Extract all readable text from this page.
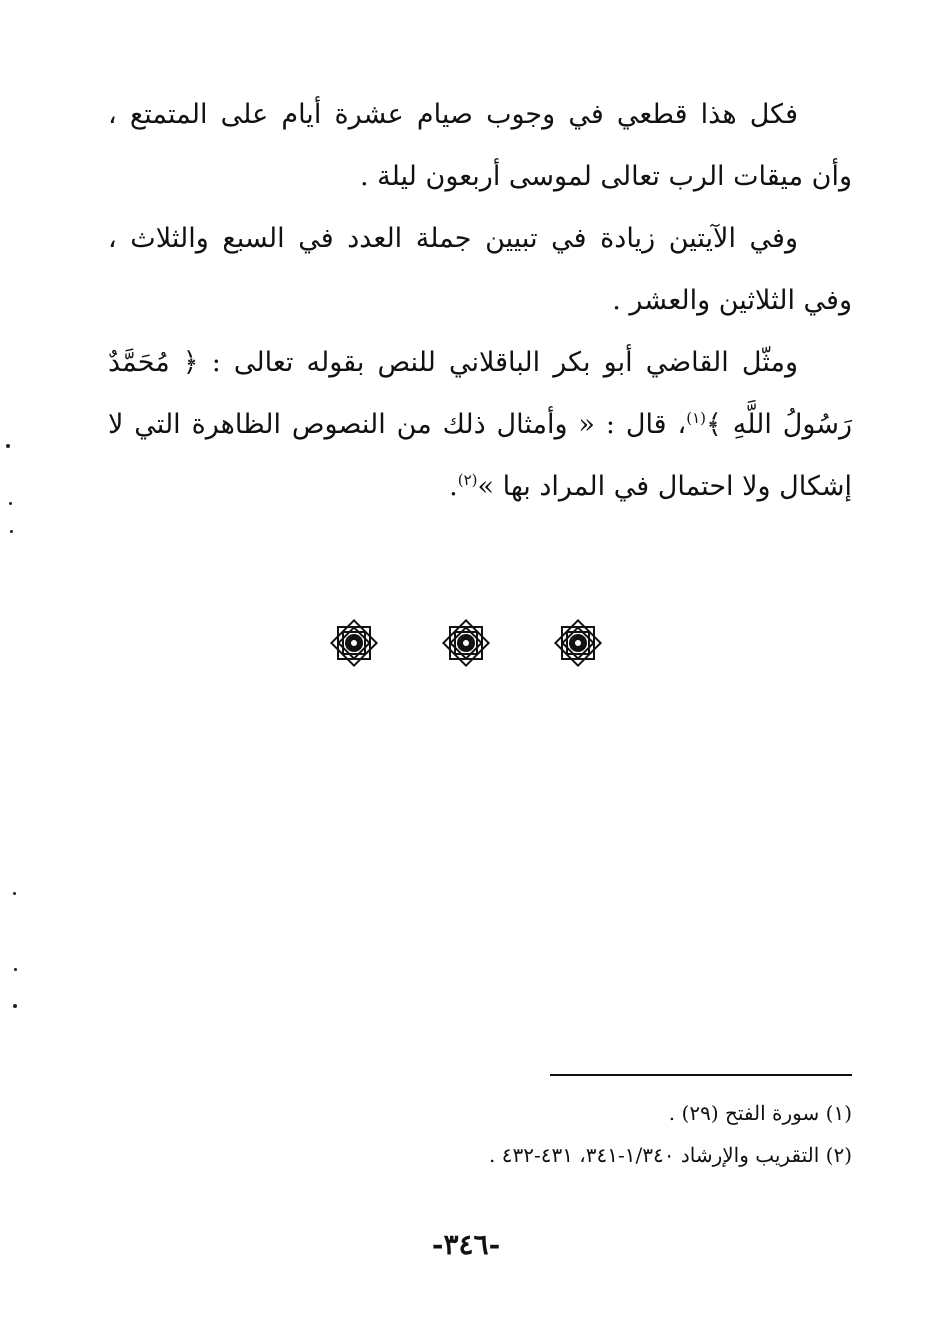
فكل هذا قطعي في وجوب صيام عشرة أيام على المتمتع ، وأن ميقات الرب تعالى لموسى أربعون ليلة .

وفي الآيتين زيادة في تبيين جملة العدد في السبع والثلاث ، وفي الثلاثين والعشر .

ومثّل القاضي أبو بكر الباقلاني للنص بقوله تعالى : ﴿ مُحَمَّدٌ رَسُولُ اللَّهِ ﴾$^{(١)}$، قال : « وأمثال ذلك من النصوص الظاهرة التي لا إشكال ولا احتمال في المراد بها »$^{(٢)}$.

(١) سورة الفتح (٢٩) .
(٢) التقريب والإرشاد ١/٣٤٠-٣٤١، ٤٣١-٤٣٢ .
-٣٤٦-
